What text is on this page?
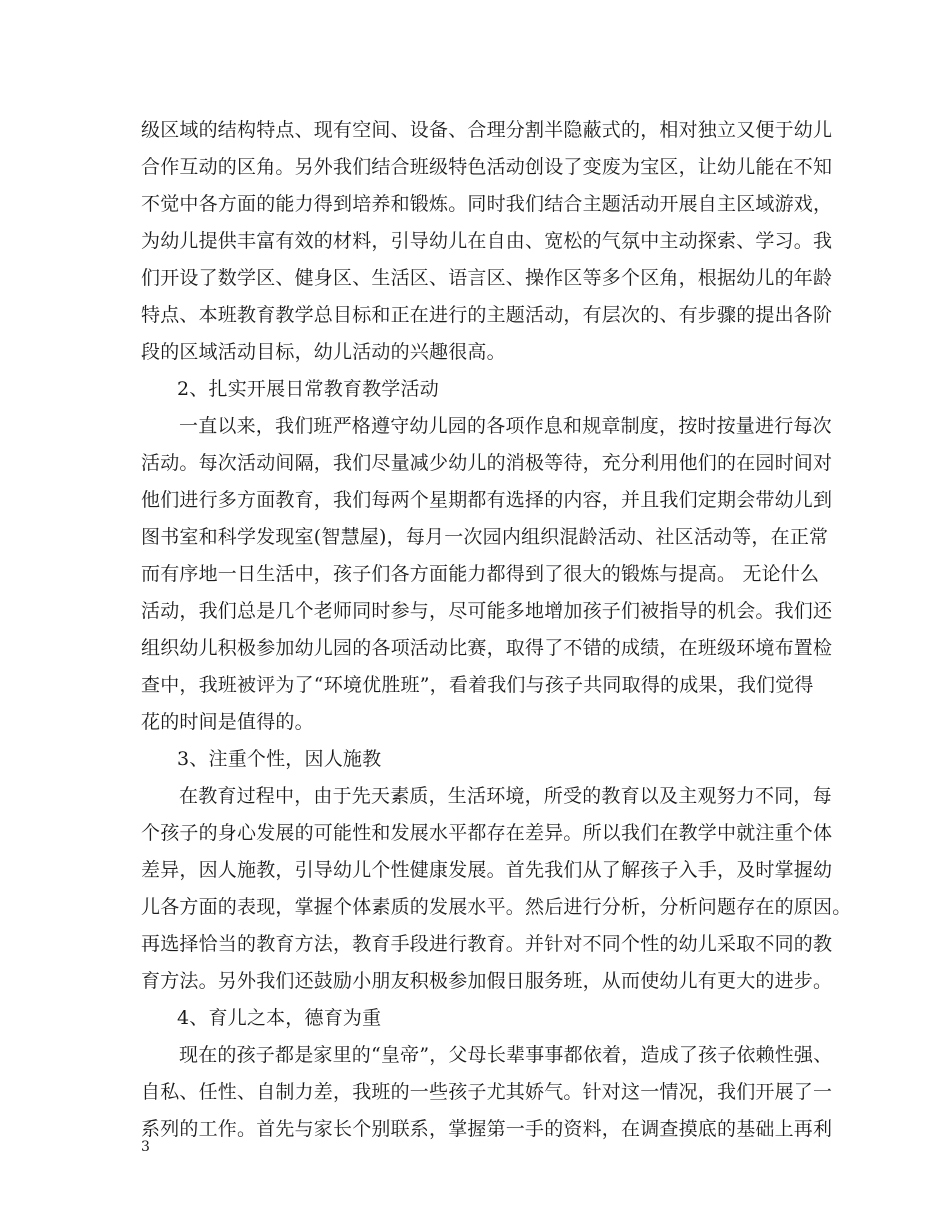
级区域的结构特点、现有空间、设备、合理分割半隐蔽式的，相对独立又便于幼儿
合作互动的区角。另外我们结合班级特色活动创设了变废为宝区，让幼儿能在不知
不觉中各方面的能力得到培养和锻炼。同时我们结合主题活动开展自主区域游戏，
为幼儿提供丰富有效的材料，引导幼儿在自由、宽松的气氛中主动探索、学习。我
们开设了数学区、健身区、生活区、语言区、操作区等多个区角，根据幼儿的年龄
特点、本班教育教学总目标和正在进行的主题活动，有层次的、有步骤的提出各阶
段的区域活动目标，幼儿活动的兴趣很高。
2、扎实开展日常教育教学活动
一直以来，我们班严格遵守幼儿园的各项作息和规章制度，按时按量进行每次
活动。每次活动间隔，我们尽量减少幼儿的消极等待，充分利用他们的在园时间对
他们进行多方面教育，我们每两个星期都有选择的内容，并且我们定期会带幼儿到
图书室和科学发现室(智慧屋)，每月一次园内组织混龄活动、社区活动等，在正常
而有序地一日生活中，孩子们各方面能力都得到了很大的锻炼与提高。 无论什么
活动，我们总是几个老师同时参与，尽可能多地增加孩子们被指导的机会。我们还
组织幼儿积极参加幼儿园的各项活动比赛，取得了不错的成绩，在班级环境布置检
查中，我班被评为了“环境优胜班”，看着我们与孩子共同取得的成果，我们觉得
花的时间是值得的。
3、注重个性，因人施教
在教育过程中，由于先天素质，生活环境，所受的教育以及主观努力不同，每
个孩子的身心发展的可能性和发展水平都存在差异。所以我们在教学中就注重个体
差异，因人施教，引导幼儿个性健康发展。首先我们从了解孩子入手，及时掌握幼
儿各方面的表现，掌握个体素质的发展水平。然后进行分析，分析问题存在的原因。
再选择恰当的教育方法，教育手段进行教育。并针对不同个性的幼儿采取不同的教
育方法。另外我们还鼓励小朋友积极参加假日服务班，从而使幼儿有更大的进步。
4、育儿之本，德育为重
现在的孩子都是家里的“皇帝”，父母长辈事事都依着，造成了孩子依赖性强、
自私、任性、自制力差，我班的一些孩子尤其娇气。针对这一情况，我们开展了一
系列的工作。首先与家长个别联系，掌握第一手的资料，在调查摸底的基础上再利
3
